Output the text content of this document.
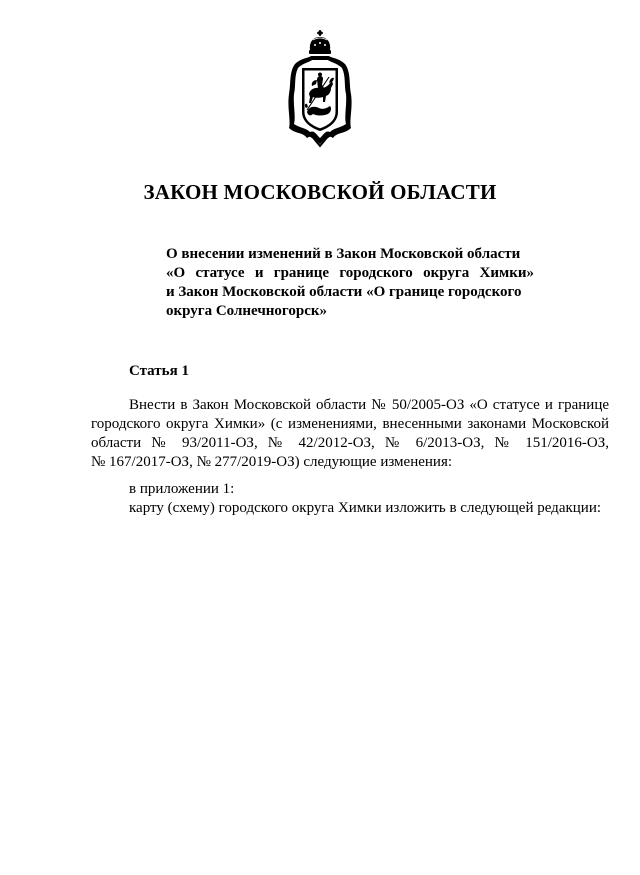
ЗАКОН МОСКОВСКОЙ ОБЛАСТИ
О внесении изменений в Закон Московской области
«О статусе и границе городского округа Химки»
и Закон Московской области «О границе городского
округа Солнечногорск»
Статья 1
Внести в Закон Московской области № 50/2005-ОЗ «О статусе и границе
городского округа Химки» (с изменениями, внесенными законами Московской
области № 93/2011-ОЗ, № 42/2012-ОЗ, № 6/2013-ОЗ, № 151/2016-ОЗ,
№ 167/2017-ОЗ, № 277/2019-ОЗ) следующие изменения:
в приложении 1:
карту (схему) городского округа Химки изложить в следующей редакции:
